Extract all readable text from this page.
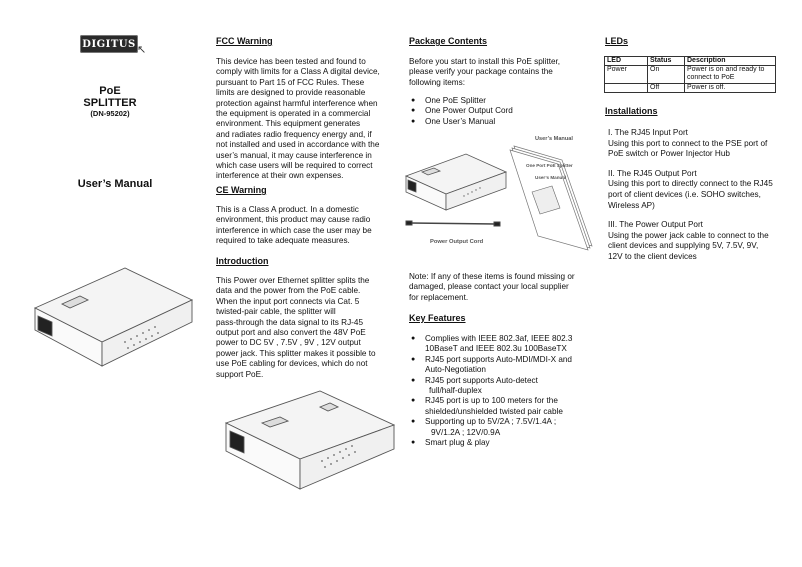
DIGITUS ↖
PoE
SPLITTER
(DN-95202)
User’s Manual
FCC Warning
This device has been tested and found to
comply with limits for a Class A digital device,
pursuant to Part 15 of FCC Rules. These
limits are designed to provide reasonable
protection against harmful interference when
the equipment is operated in a commercial
environment. This equipment generates
and radiates radio frequency energy and, if
not installed and used in accordance with the
user’s manual, it may cause interference in
which case users will be required to correct
interference at their own expenses.
CE Warning
This is a Class A product. In a domestic
environment, this product may cause radio
interference in which case the user may be
required to take adequate measures.
Introduction
This Power over Ethernet splitter splits the
data and the power from the PoE cable.
When the input port connects via Cat. 5
twisted-pair cable, the splitter will
pass-through the data signal to its RJ-45
output port and also convert the 48V PoE
power to DC 5V , 7.5V , 9V , 12V output
power jack. This splitter makes it possible to
use PoE cabling for devices, which do not
support PoE.
Package Contents
Before you start to install this PoE splitter,
please verify your package contains the
following items:
● One PoE Splitter
● One Power Output Cord
● One User’s Manual
User’s Manual
One Port PoE Splitter
User’s Manual
Power Output Cord
Note: If any of these items is found missing or
damaged, please contact your local supplier
for replacement.
Key Features
● Complies with IEEE 802.3af, IEEE 802.3
10BaseT and IEEE 802.3u 100BaseTX
● RJ45 port supports Auto-MDI/MDI-X and
Auto-Negotiation
● RJ45 port supports Auto-detect
full/half-duplex
● RJ45 port is up to 100 meters for the
shielded/unshielded twisted pair cable
● Supporting up to 5V/2A ; 7.5V/1.4A ;
9V/1.2A ; 12V/0.9A
● Smart plug & play
LEDs
LED	Status	Description
Power	On	Power is on and ready to connect to PoE
	Off	Power is off.
Installations
I. The RJ45 Input Port
Using this port to connect to the PSE port of
PoE switch or Power Injector Hub
II. The RJ45 Output Port
Using this port to directly connect to the RJ45
port of client devices (i.e. SOHO switches,
Wireless AP)
III. The Power Output Port
Using the power jack cable to connect to the
client devices and supplying 5V, 7.5V, 9V,
12V to the client devices
